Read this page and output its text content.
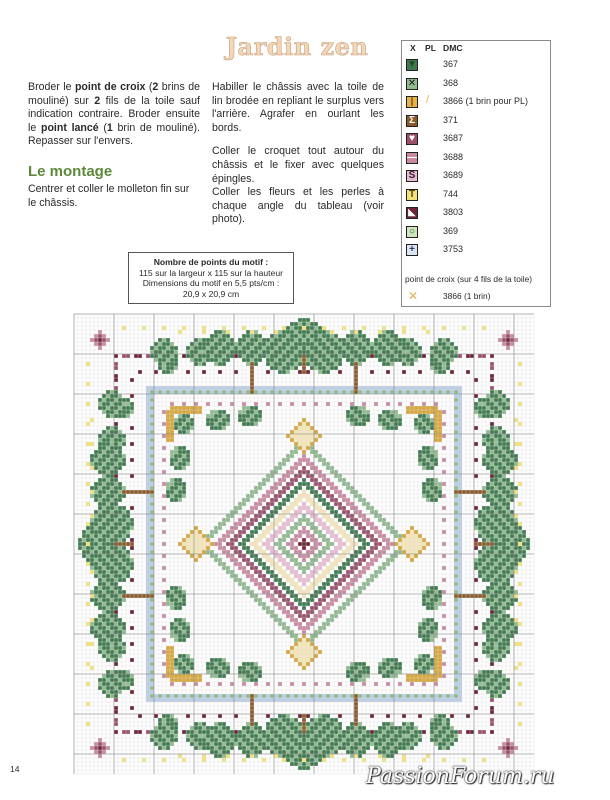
Jardin zen
Broder le point de croix (2 brins de mouliné) sur 2 fils de la toile sauf indication contraire. Broder ensuite le point lancé (1 brin de mouliné). Repasser sur l'envers.
Le montage
Centrer et coller le molleton fin sur le châssis.

Habiller le châssis avec la toile de lin brodée en repliant le surplus vers l'arrière. Agrafer en ourlant les bords.

Coller le croquet tout autour du châssis et le fixer avec quelques épingles.

Coller les fleurs et les perles à chaque angle du tableau (voir photo).

Nombre de points du motif :
115 sur la largeur x 115 sur la hauteur
Dimensions du motif en 5,5 pts/cm :
20,9 x 20,9 cm
X PL DMC
▼	367
✕	368
|	/ 3866 (1 brin pour PL)
Σ	371
♥	3687
—	3688
S	3689
T	744
◣	3803
○	369
+	3753
point de croix (sur 4 fils de la toile)
✕	3866 (1 brin)
14	PassionForum.ru
